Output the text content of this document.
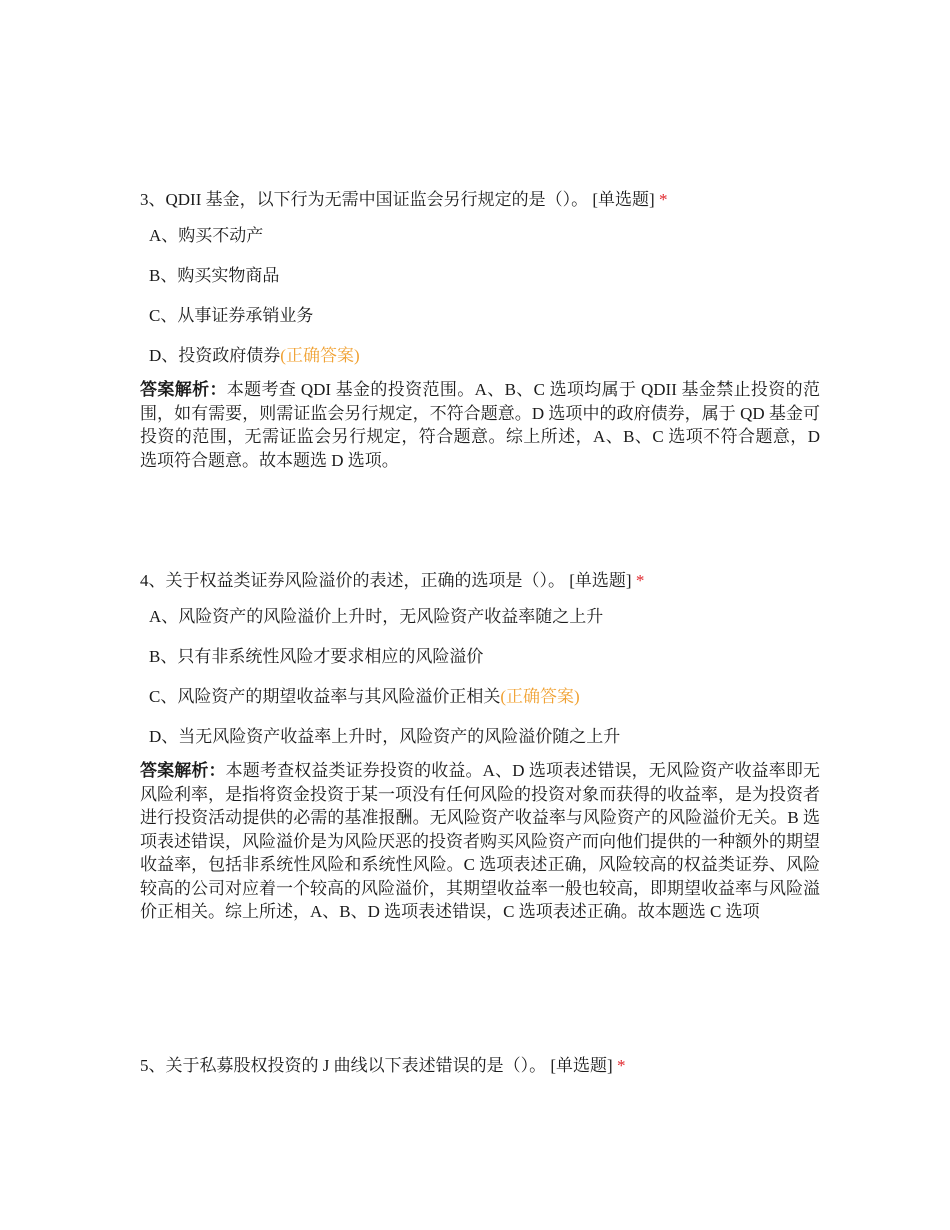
3、QDII 基金，以下行为无需中国证监会另行规定的是（）。 [单选题] *

A、购买不动产
B、购买实物商品
C、从事证券承销业务
D、投资政府债券(正确答案)

答案解析：本题考查 QDI 基金的投资范围。A、B、C 选项均属于 QDII 基金禁止投资的范围，如有需要，则需证监会另行规定，不符合题意。D 选项中的政府债券，属于 QD 基金可投资的范围，无需证监会另行规定，符合题意。综上所述，A、B、C 选项不符合题意，D 选项符合题意。故本题选 D 选项。

4、关于权益类证券风险溢价的表述，正确的选项是（）。 [单选题] *

A、风险资产的风险溢价上升时，无风险资产收益率随之上升
B、只有非系统性风险才要求相应的风险溢价
C、风险资产的期望收益率与其风险溢价正相关(正确答案)
D、当无风险资产收益率上升时，风险资产的风险溢价随之上升

答案解析：本题考查权益类证券投资的收益。A、D 选项表述错误，无风险资产收益率即无风险利率，是指将资金投资于某一项没有任何风险的投资对象而获得的收益率，是为投资者进行投资活动提供的必需的基准报酬。无风险资产收益率与风险资产的风险溢价无关。B 选项表述错误，风险溢价是为风险厌恶的投资者购买风险资产而向他们提供的一种额外的期望收益率，包括非系统性风险和系统性风险。C 选项表述正确，风险较高的权益类证券、风险较高的公司对应着一个较高的风险溢价，其期望收益率一般也较高，即期望收益率与风险溢价正相关。综上所述，A、B、D 选项表述错误，C 选项表述正确。故本题选 C 选项

5、关于私募股权投资的 J 曲线以下表述错误的是（）。 [单选题] *
